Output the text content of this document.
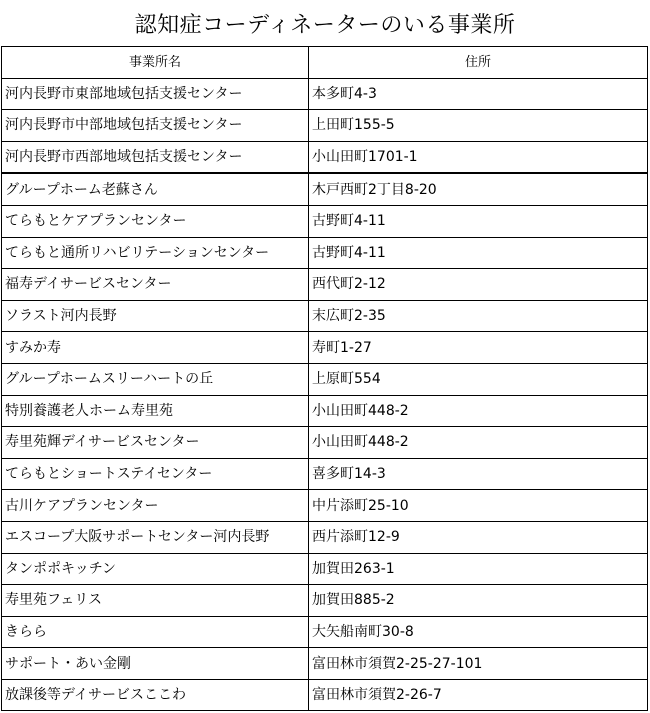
認知症コーディネーターのいる事業所
事業所名	住所
河内長野市東部地域包括支援センター	本多町4-3
河内長野市中部地域包括支援センター	上田町155-5
河内長野市西部地域包括支援センター	小山田町1701-1
グループホーム老蘇さん	木戸西町2丁目8-20
てらもとケアプランセンター	古野町4-11
てらもと通所リハビリテーションセンター	古野町4-11
福寿デイサービスセンター	西代町2-12
ソラスト河内長野	末広町2-35
すみか寿	寿町1-27
グループホームスリーハートの丘	上原町554
特別養護老人ホーム寿里苑	小山田町448-2
寿里苑輝デイサービスセンター	小山田町448-2
てらもとショートステイセンター	喜多町14-3
古川ケアプランセンター	中片添町25-10
エスコープ大阪サポートセンター河内長野	西片添町12-9
タンポポキッチン	加賀田263-1
寿里苑フェリス	加賀田885-2
きらら	大矢船南町30-8
サポート・あい金剛	富田林市須賀2-25-27-101
放課後等デイサービスここわ	富田林市須賀2-26-7
